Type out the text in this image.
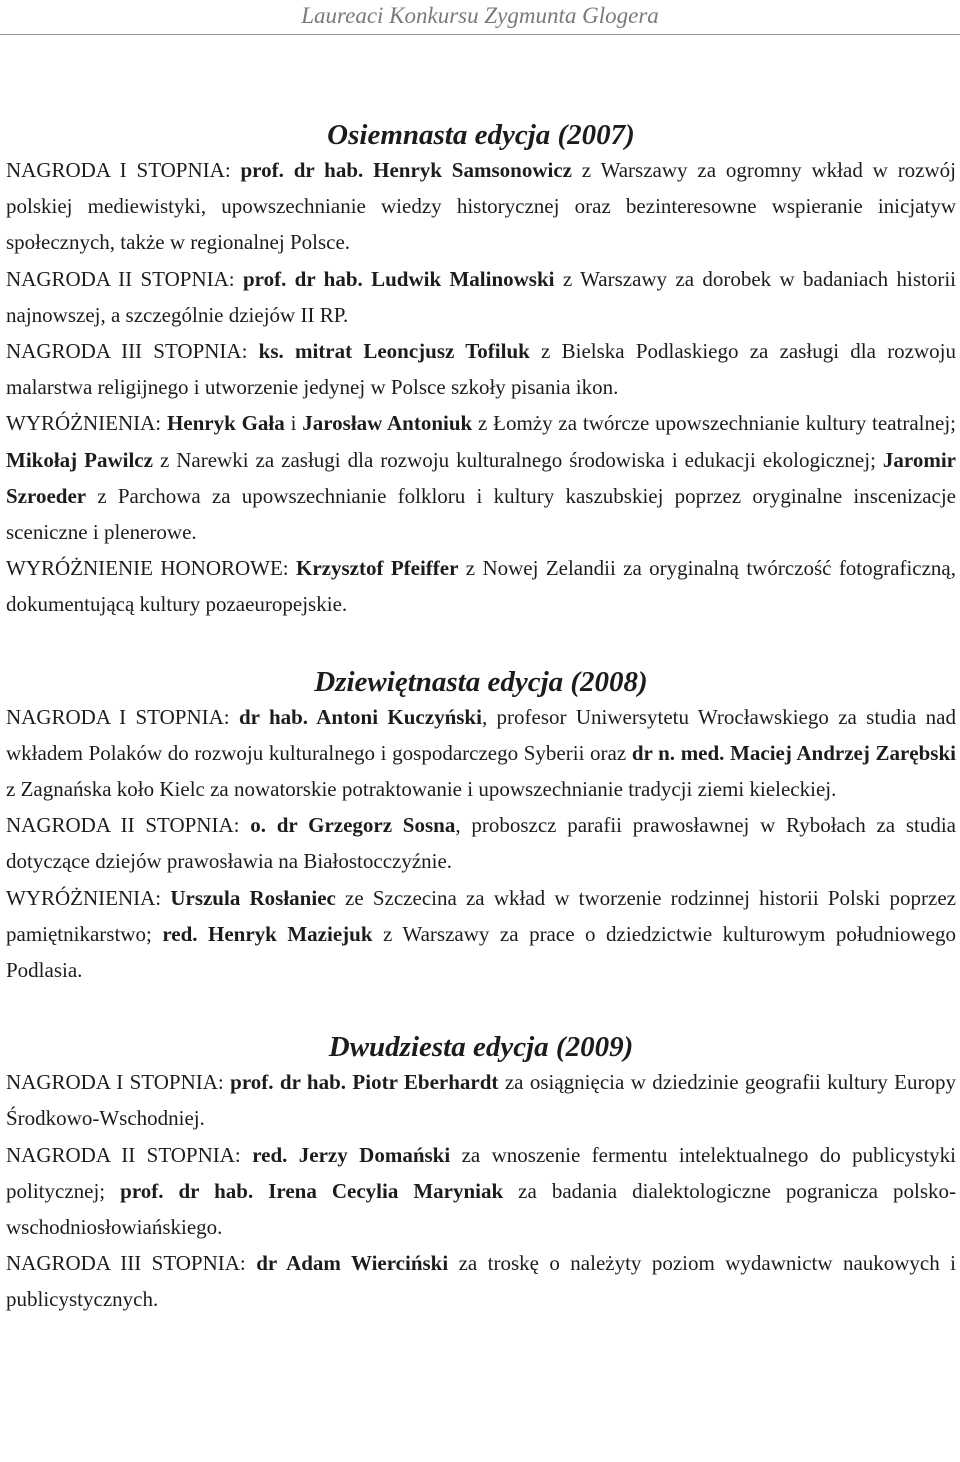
Laureaci Konkursu Zygmunta Glogera
Osiemnasta edycja (2007)

NAGRODA I STOPNIA: prof. dr hab. Henryk Samsonowicz z Warszawy za ogromny wkład w rozwój polskiej mediewistyki, upowszechnianie wiedzy historycznej oraz bezinteresowne wspieranie inicjatyw społecznych, także w regionalnej Polsce.

NAGRODA II STOPNIA: prof. dr hab. Ludwik Malinowski z Warszawy za dorobek w badaniach historii najnowszej, a szczególnie dziejów II RP.

NAGRODA III STOPNIA: ks. mitrat Leoncjusz Tofiluk z Bielska Podlaskiego za zasługi dla rozwoju malarstwa religijnego i utworzenie jedynej w Polsce szkoły pisania ikon.

WYRÓŻNIENIA: Henryk Gała i Jarosław Antoniuk z Łomży za twórcze upowszechnianie kultury teatralnej; Mikołaj Pawilcz z Narewki za zasługi dla rozwoju kulturalnego środowiska i edukacji ekologicznej; Jaromir Szroeder z Parchowa za upowszechnianie folkloru i kultury kaszubskiej poprzez oryginalne inscenizacje sceniczne i plenerowe.

WYRÓŻNIENIE HONOROWE: Krzysztof Pfeiffer z Nowej Zelandii za oryginalną twórczość fotograficzną, dokumentującą kultury pozaeuropejskie.

Dziewiętnasta edycja (2008)

NAGRODA I STOPNIA: dr hab. Antoni Kuczyński, profesor Uniwersytetu Wrocławskiego za studia nad wkładem Polaków do rozwoju kulturalnego i gospodarczego Syberii oraz dr n. med. Maciej Andrzej Zarębski z Zagnańska koło Kielc za nowatorskie potraktowanie i upowszechnianie tradycji ziemi kieleckiej.

NAGRODA II STOPNIA: o. dr Grzegorz Sosna, proboszcz parafii prawosławnej w Rybołach za studia dotyczące dziejów prawosławia na Białostocczyźnie.

WYRÓŻNIENIA: Urszula Rosłaniec ze Szczecina za wkład w tworzenie rodzinnej historii Polski poprzez pamiętnikarstwo; red. Henryk Maziejuk z Warszawy za prace o dziedzictwie kulturowym południowego Podlasia.

Dwudziesta edycja (2009)

NAGRODA I STOPNIA: prof. dr hab. Piotr Eberhardt za osiągnięcia w dziedzinie geografii kultury Europy Środkowo-Wschodniej.

NAGRODA II STOPNIA: red. Jerzy Domański za wnoszenie fermentu intelektualnego do publicystyki politycznej; prof. dr hab. Irena Cecylia Maryniak za badania dialektologiczne pogranicza polsko-wschodniosłowiańskiego.

NAGRODA III STOPNIA: dr Adam Wierciński za troskę o należyty poziom wydawnictw naukowych i publicystycznych.
